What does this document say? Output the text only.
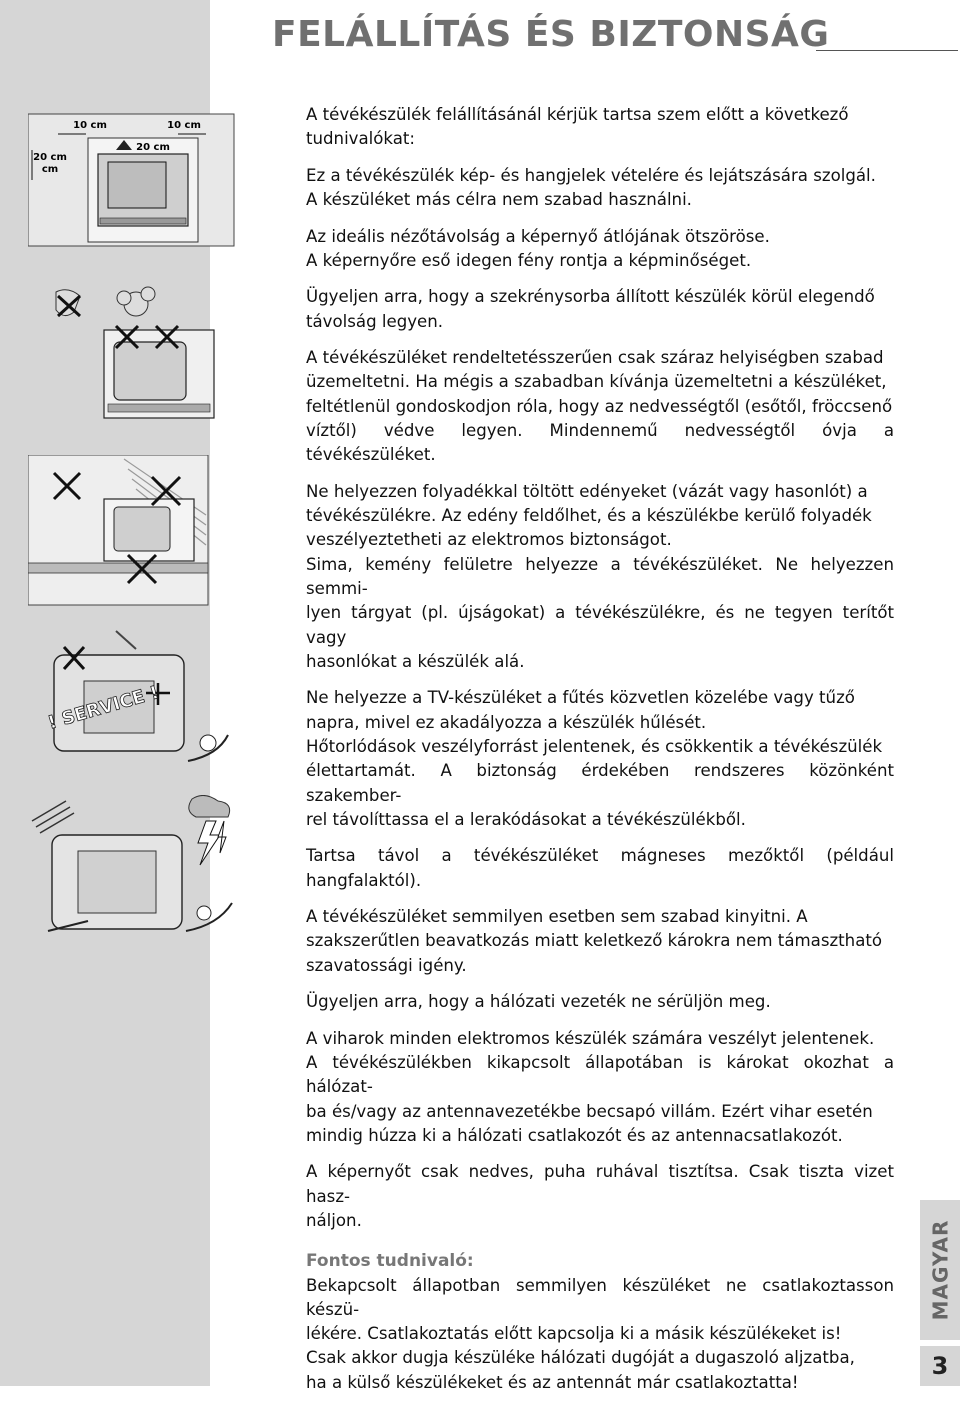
FELÁLLÍTÁS ÉS BIZTONSÁG
10 cm	10 cm
20 cm
cm
20 cm
! SERVICE !

A tévékészülék felállításánál kérjük tartsa szem előtt a következő
tudnivalókat:

Ez a tévékészülék kép- és hangjelek vételére és lejátszására szolgál.
A készüléket más célra nem szabad használni.

Az ideális nézőtávolság a képernyő átlójának ötszöröse.
A képernyőre eső idegen fény rontja a képminőséget.

Ügyeljen arra, hogy a szekrénysorba állított készülék körül elegendő
távolság legyen.

A tévékészüléket rendeltetésszerűen csak száraz helyiségben szabad
üzemeltetni. Ha mégis a szabadban kívánja üzemeltetni a készüléket,
feltétlenül gondoskodjon róla, hogy az nedvességtől (esőtől, fröccsenő
víztől) védve legyen. Mindennemű nedvességtől óvja a tévékészüléket.

Ne helyezzen folyadékkal töltött edényeket (vázát vagy hasonlót) a
tévékészülékre. Az edény feldőlhet, és a készülékbe kerülő folyadék
veszélyeztetheti az elektromos biztonságot.
Sima, kemény felületre helyezze a tévékészüléket. Ne helyezzen semmi-
lyen tárgyat (pl. újságokat) a tévékészülékre, és ne tegyen terítőt vagy
hasonlókat a készülék alá.

Ne helyezze a TV-készüléket a fűtés közvetlen közelébe vagy tűző
napra, mivel ez akadályozza a készülék hűlését.
Hőtorlódások veszélyforrást jelentenek, és csökkentik a tévékészülék
élettartamát. A biztonság érdekében rendszeres közönként szakember-
rel távolíttassa el a lerakódásokat a tévékészülékből.

Tartsa távol a tévékészüléket mágneses mezőktől (például hangfalaktól).

A tévékészüléket semmilyen esetben sem szabad kinyitni. A
szakszerűtlen beavatkozás miatt keletkező károkra nem támasztható
szavatossági igény.

Ügyeljen arra, hogy a hálózati vezeték ne sérüljön meg.

A viharok minden elektromos készülék számára veszélyt jelentenek.
A tévékészülékben kikapcsolt állapotában is károkat okozhat a hálózat-
ba és/vagy az antennavezetékbe becsapó villám. Ezért vihar esetén
mindig húzza ki a hálózati csatlakozót és az antennacsatlakozót.

A képernyőt csak nedves, puha ruhával tisztítsa. Csak tiszta vizet hasz-
náljon.

Fontos tudnivaló:

Bekapcsolt állapotban semmilyen készüléket ne csatlakoztasson készü-
lékére. Csatlakoztatás előtt kapcsolja ki a másik készülékeket is!
Csak akkor dugja készüléke hálózati dugóját a dugaszoló aljzatba,
ha a külső készülékeket és az antennát már csatlakoztatta!

MAGYAR
3
